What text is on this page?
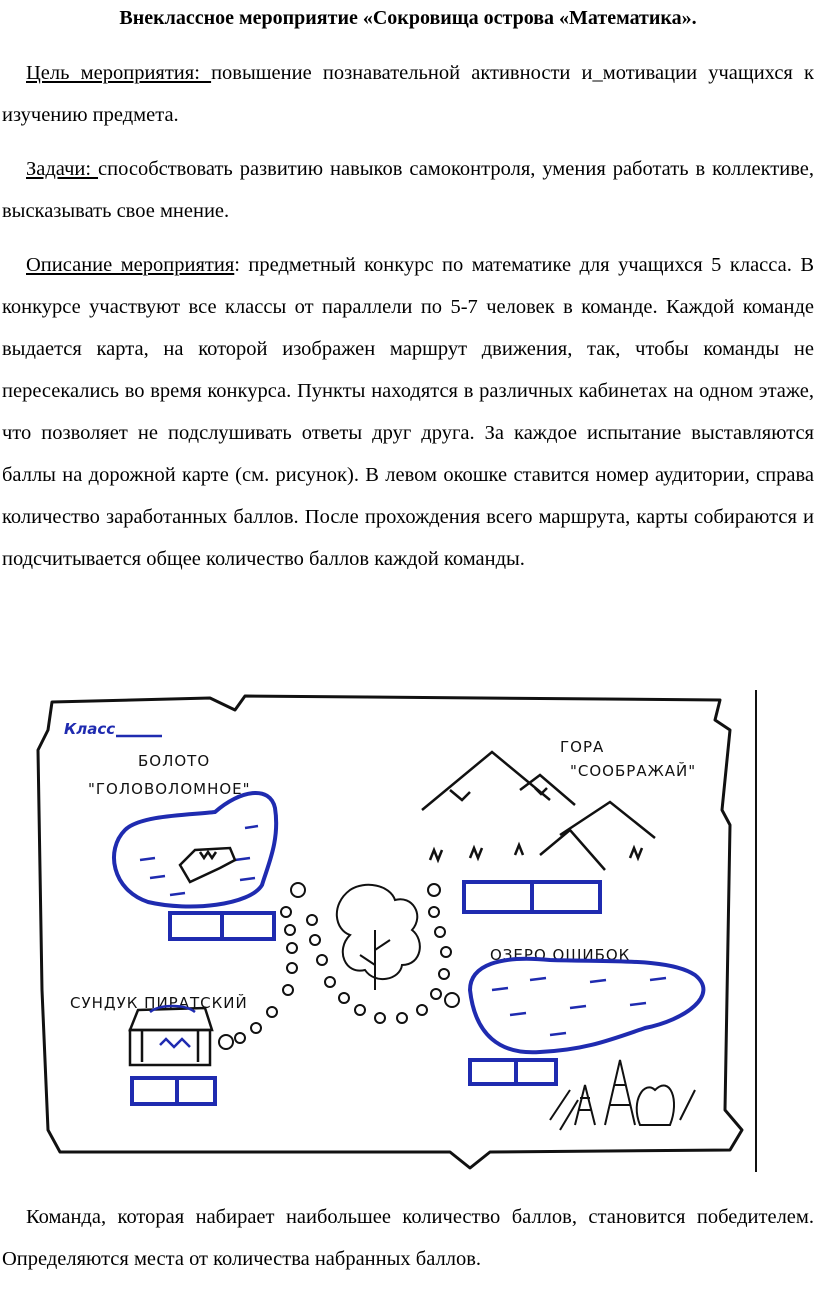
Внеклассное мероприятие «Сокровища острова «Математика».
Цель мероприятия: повышение познавательной активности и_мотивации учащихся к изучению предмета.
Задачи: способствовать развитию навыков самоконтроля, умения работать в коллективе, высказывать свое мнение.
Описание мероприятия: предметный конкурс по математике для учащихся 5 класса. В конкурсе участвуют все классы от параллели по 5-7 человек в команде. Каждой команде выдается карта, на которой изображен маршрут движения, так, чтобы команды не пересекались во время конкурса. Пункты находятся в различных кабинетах на одном этаже, что позволяет не подслушивать ответы друг друга. За каждое испытание выставляются баллы на дорожной карте (см. рисунок). В левом окошке ставится номер аудитории, справа количество заработанных баллов. После прохождения всего маршрута, карты собираются и подсчитывается общее количество баллов каждой команды.
Класс
БОЛОТО
"ГОЛОВОЛОМНОЕ"
ГОРА
"СООБРАЖАЙ"
ОЗЕРО ОШИБОК
СУНДУК ПИРАТСКИЙ
Команда, которая набирает наибольшее количество баллов, становится победителем. Определяются места от количества набранных баллов.
